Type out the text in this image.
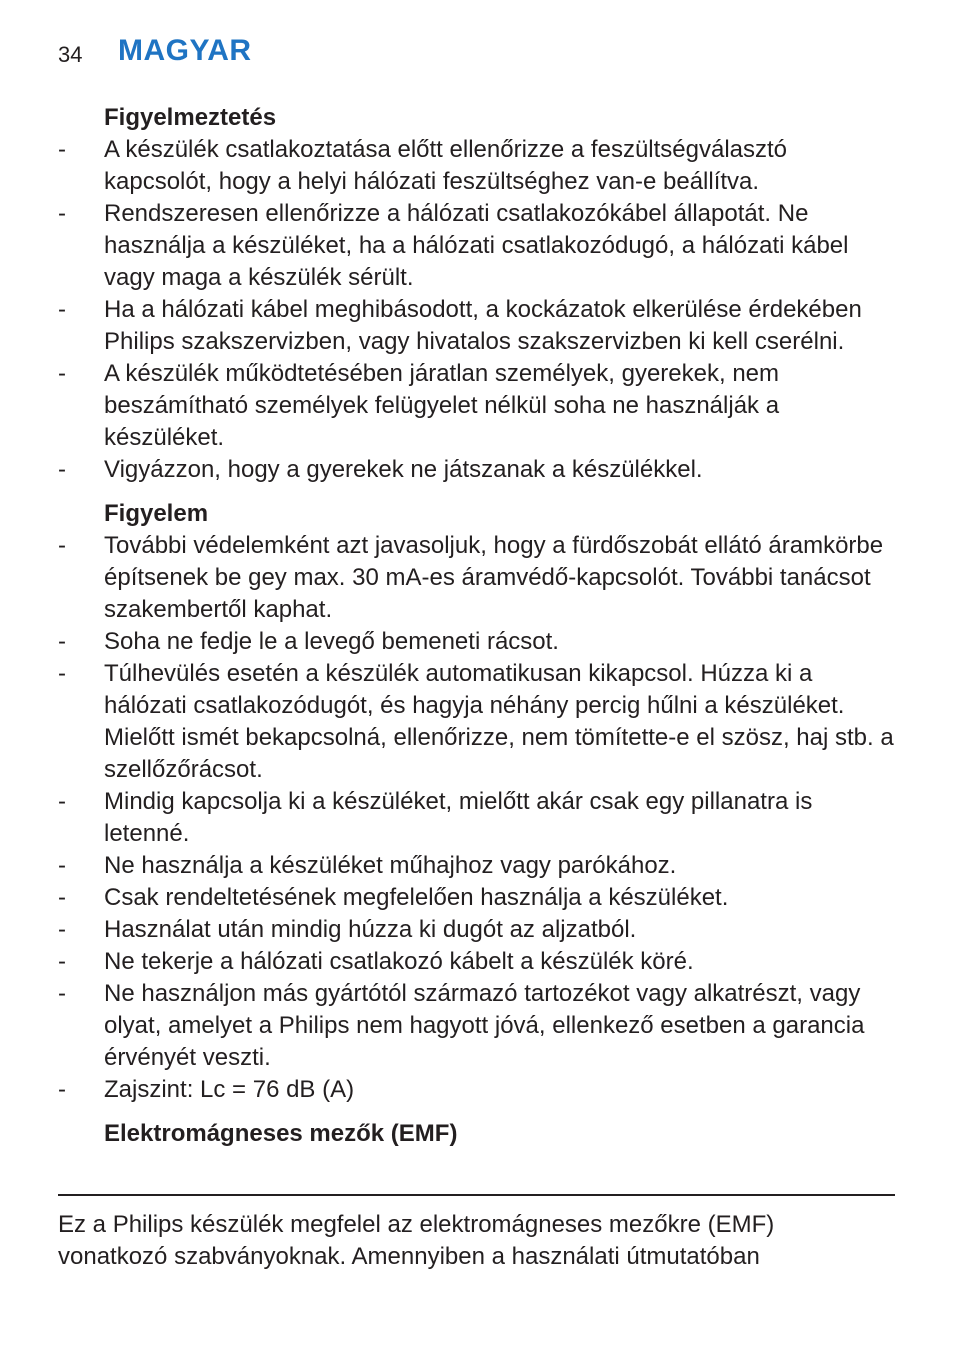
34 MAGYAR
Figyelmeztetés
-	A készülék csatlakoztatása előtt ellenőrizze a feszültségválasztó kapcsolót, hogy a helyi hálózati feszültséghez van-e beállítva.
-	Rendszeresen ellenőrizze a hálózati csatlakozókábel állapotát. Ne használja a készüléket, ha a hálózati csatlakozódugó, a hálózati kábel vagy maga a készülék sérült.
-	Ha a hálózati kábel meghibásodott, a kockázatok elkerülése érdekében Philips szakszervizben, vagy hivatalos szakszervizben ki kell cserélni.
-	A készülék működtetésében járatlan személyek, gyerekek, nem beszámítható személyek felügyelet nélkül soha ne használják a készüléket.
-	Vigyázzon, hogy a gyerekek ne játszanak a készülékkel.
Figyelem
-	További védelemként azt javasoljuk, hogy a fürdőszobát ellátó áramkörbe építsenek be gey max. 30 mA-es áramvédő-kapcsolót. További tanácsot szakembertől kaphat.
-	Soha ne fedje le a levegő bemeneti rácsot.
-	Túlhevülés esetén a készülék automatikusan kikapcsol. Húzza ki a hálózati csatlakozódugót, és hagyja néhány percig hűlni a készüléket. Mielőtt ismét bekapcsolná, ellenőrizze, nem tömítette-e el szösz, haj stb. a szellőzőrácsot.
-	Mindig kapcsolja ki a készüléket, mielőtt akár csak egy pillanatra is letenné.
-	Ne használja a készüléket műhajhoz vagy parókához.
-	Csak rendeltetésének megfelelően használja a készüléket.
-	Használat után mindig húzza ki dugót az aljzatból.
-	Ne tekerje a hálózati csatlakozó kábelt a készülék köré.
-	Ne használjon más gyártótól származó tartozékot vagy alkatrészt, vagy olyat, amelyet a Philips nem hagyott jóvá, ellenkező esetben a garancia érvényét veszti.
-	Zajszint: Lc = 76 dB (A)
Elektromágneses mezők (EMF)
Ez a Philips készülék megfelel az elektromágneses mezőkre (EMF)
vonatkozó szabványoknak. Amennyiben a használati útmutatóban
